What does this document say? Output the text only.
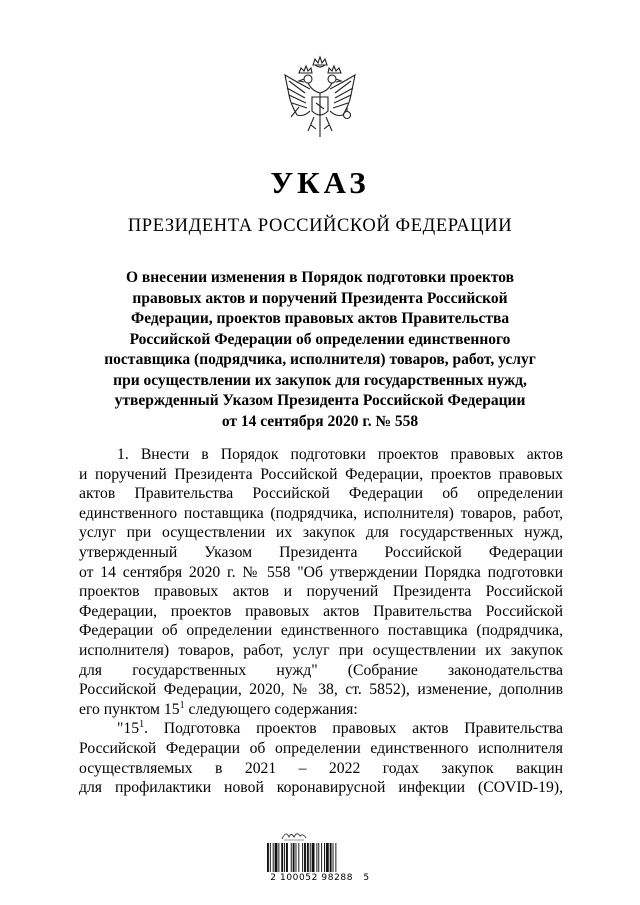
УКАЗ
ПРЕЗИДЕНТА РОССИЙСКОЙ ФЕДЕРАЦИИ
О внесении изменения в Порядок подготовки проектов
правовых актов и поручений Президента Российской
Федерации, проектов правовых актов Правительства
Российской Федерации об определении единственного
поставщика (подрядчика, исполнителя) товаров, работ, услуг
при осуществлении их закупок для государственных нужд,
утвержденный Указом Президента Российской Федерации
от 14 сентября 2020 г. № 558
1. Внести в Порядок подготовки проектов правовых актов
и поручений Президента Российской Федерации, проектов правовых
актов Правительства Российской Федерации об определении
единственного поставщика (подрядчика, исполнителя) товаров, работ,
услуг при осуществлении их закупок для государственных нужд,
утвержденный Указом Президента Российской Федерации
от 14 сентября 2020 г. № 558 "Об утверждении Порядка подготовки
проектов правовых актов и поручений Президента Российской
Федерации, проектов правовых актов Правительства Российской
Федерации об определении единственного поставщика (подрядчика,
исполнителя) товаров, работ, услуг при осуществлении их закупок
для государственных нужд" (Собрание законодательства
Российской Федерации, 2020, № 38, ст. 5852), изменение, дополнив
его пунктом $15^1$ следующего содержания:
"$15^1$. Подготовка проектов правовых актов Правительства
Российской Федерации об определении единственного исполнителя
осуществляемых в 2021 – 2022 годах закупок вакцин
для профилактики новой коронавирусной инфекции (COVID-19),
2 100052 98288   5
